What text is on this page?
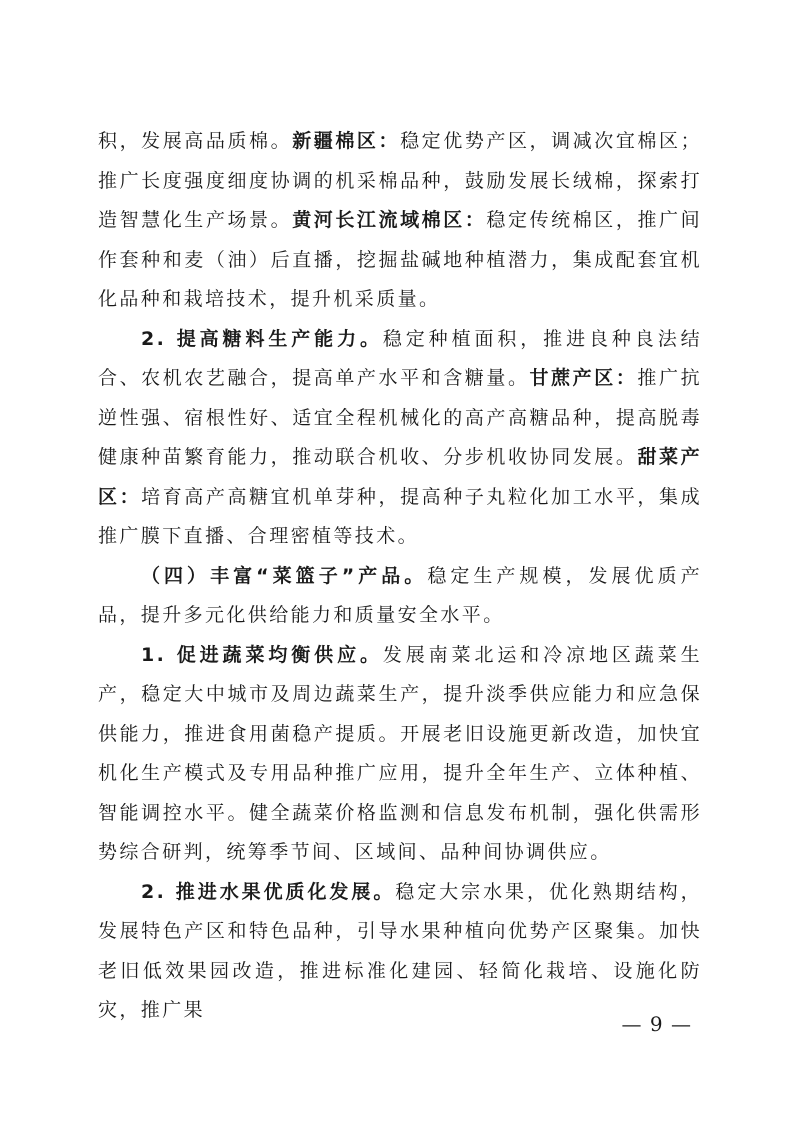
积，发展高品质棉。新疆棉区：稳定优势产区，调减次宜棉区；推广长度强度细度协调的机采棉品种，鼓励发展长绒棉，探索打造智慧化生产场景。黄河长江流域棉区：稳定传统棉区，推广间作套种和麦（油）后直播，挖掘盐碱地种植潜力，集成配套宜机化品种和栽培技术，提升机采质量。

2. 提高糖料生产能力。稳定种植面积，推进良种良法结合、农机农艺融合，提高单产水平和含糖量。甘蔗产区：推广抗逆性强、宿根性好、适宜全程机械化的高产高糖品种，提高脱毒健康种苗繁育能力，推动联合机收、分步机收协同发展。甜菜产区：培育高产高糖宜机单芽种，提高种子丸粒化加工水平，集成推广膜下直播、合理密植等技术。

（四）丰富“菜篮子”产品。稳定生产规模，发展优质产品，提升多元化供给能力和质量安全水平。

1. 促进蔬菜均衡供应。发展南菜北运和冷凉地区蔬菜生产，稳定大中城市及周边蔬菜生产，提升淡季供应能力和应急保供能力，推进食用菌稳产提质。开展老旧设施更新改造，加快宜机化生产模式及专用品种推广应用，提升全年生产、立体种植、智能调控水平。健全蔬菜价格监测和信息发布机制，强化供需形势综合研判，统筹季节间、区域间、品种间协调供应。

2. 推进水果优质化发展。稳定大宗水果，优化熟期结构，发展特色产区和特色品种，引导水果种植向优势产区聚集。加快老旧低效果园改造，推进标准化建园、轻简化栽培、设施化防灾，推广果

— 9 —
